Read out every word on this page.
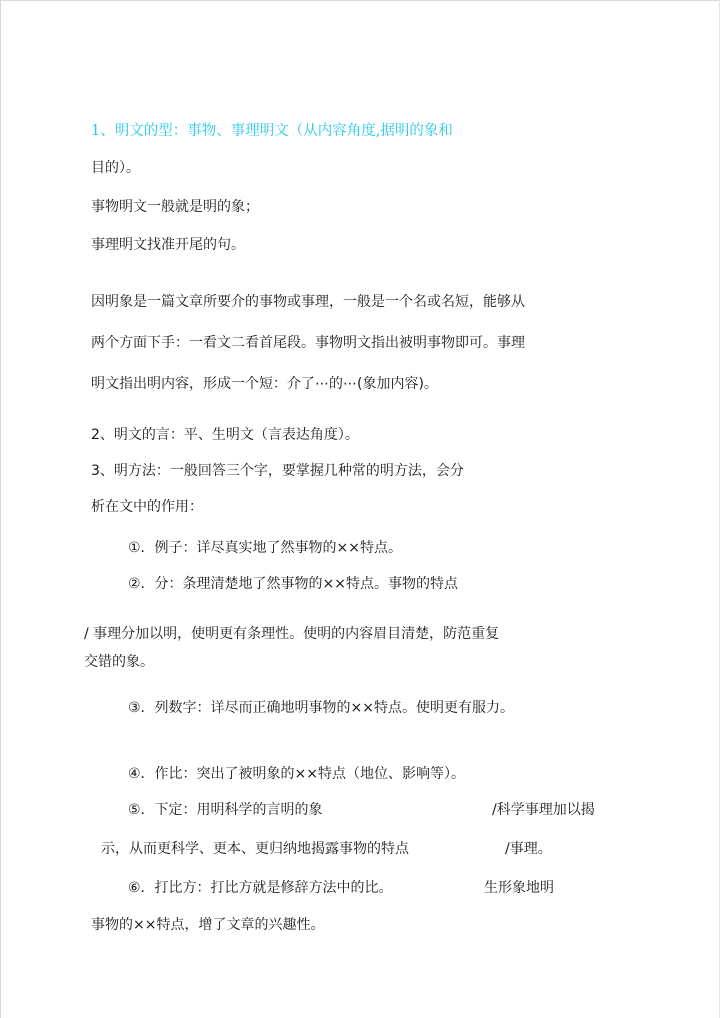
1、明文的型：事物、事理明文（从内容角度,据明的象和
目的）。
事物明文一般就是明的象；
事理明文找准开尾的句。
因明象是一篇文章所要介的事物或事理，一般是一个名或名短，能够从
两个方面下手：一看文二看首尾段。事物明文指出被明事物即可。事理
明文指出明内容，形成一个短：介了⋯的⋯(象加内容)。
2、明文的言：平、生明文（言表达角度）。
3、明方法：一般回答三个字，要掌握几种常的明方法，会分
析在文中的作用：
①．例子：详尽真实地了然事物的××特点。
②．分：条理清楚地了然事物的××特点。事物的特点
/ 事理分加以明，使明更有条理性。使明的内容眉目清楚，防范重复
交错的象。
③．列数字：详尽而正确地明事物的××特点。使明更有服力。
④．作比：突出了被明象的××特点（地位、影响等）。
⑤．下定：用明科学的言明的象	/科学事理加以揭
示，从而更科学、更本、更归纳地揭露事物的特点	/事理。
⑥．打比方：打比方就是修辞方法中的比。	生形象地明
事物的××特点，增了文章的兴趣性。
